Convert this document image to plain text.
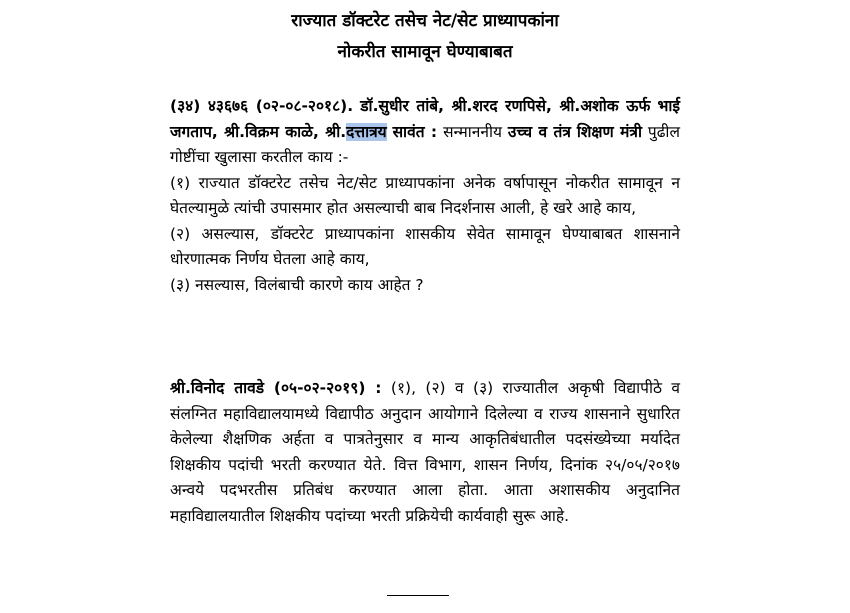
राज्यात डॉक्टरेट तसेच नेट/सेट प्राध्यापकांना
नोकरीत सामावून घेण्याबाबत
(३४) ४३६७६ (०२-०८-२०१८). डॉ.सुधीर तांबे, श्री.शरद रणपिसे, श्री.अशोक ऊर्फ भाई जगताप, श्री.विक्रम काळे, श्री.दत्तात्रय सावंत : सन्माननीय उच्च व तंत्र शिक्षण मंत्री पुढील गोष्टींचा खुलासा करतील काय :-
(१) राज्यात डॉक्टरेट तसेच नेट/सेट प्राध्यापकांना अनेक वर्षापासून नोकरीत सामावून न घेतल्यामुळे त्यांची उपासमार होत असल्याची बाब निदर्शनास आली, हे खरे आहे काय,
(२) असल्यास, डॉक्टरेट प्राध्यापकांना शासकीय सेवेत सामावून घेण्याबाबत शासनाने धोरणात्मक निर्णय घेतला आहे काय,
(३) नसल्यास, विलंबाची कारणे काय आहेत ?
श्री.विनोद तावडे (०५-०२-२०१९) : (१), (२) व (३) राज्यातील अकृषी विद्यापीठे व संलग्नित महाविद्यालयामध्ये विद्यापीठ अनुदान आयोगाने दिलेल्या व राज्य शासनाने सुधारित केलेल्या शैक्षणिक अर्हता व पात्रतेनुसार व मान्य आकृतिबंधातील पदसंख्येच्या मर्यादेत शिक्षकीय पदांची भरती करण्यात येते. वित्त विभाग, शासन निर्णय, दिनांक २५/०५/२०१७ अन्वये पदभरतीस प्रतिबंध करण्यात आला होता. आता अशासकीय अनुदानित महाविद्यालयातील शिक्षकीय पदांच्या भरती प्रक्रियेची कार्यवाही सुरू आहे.
